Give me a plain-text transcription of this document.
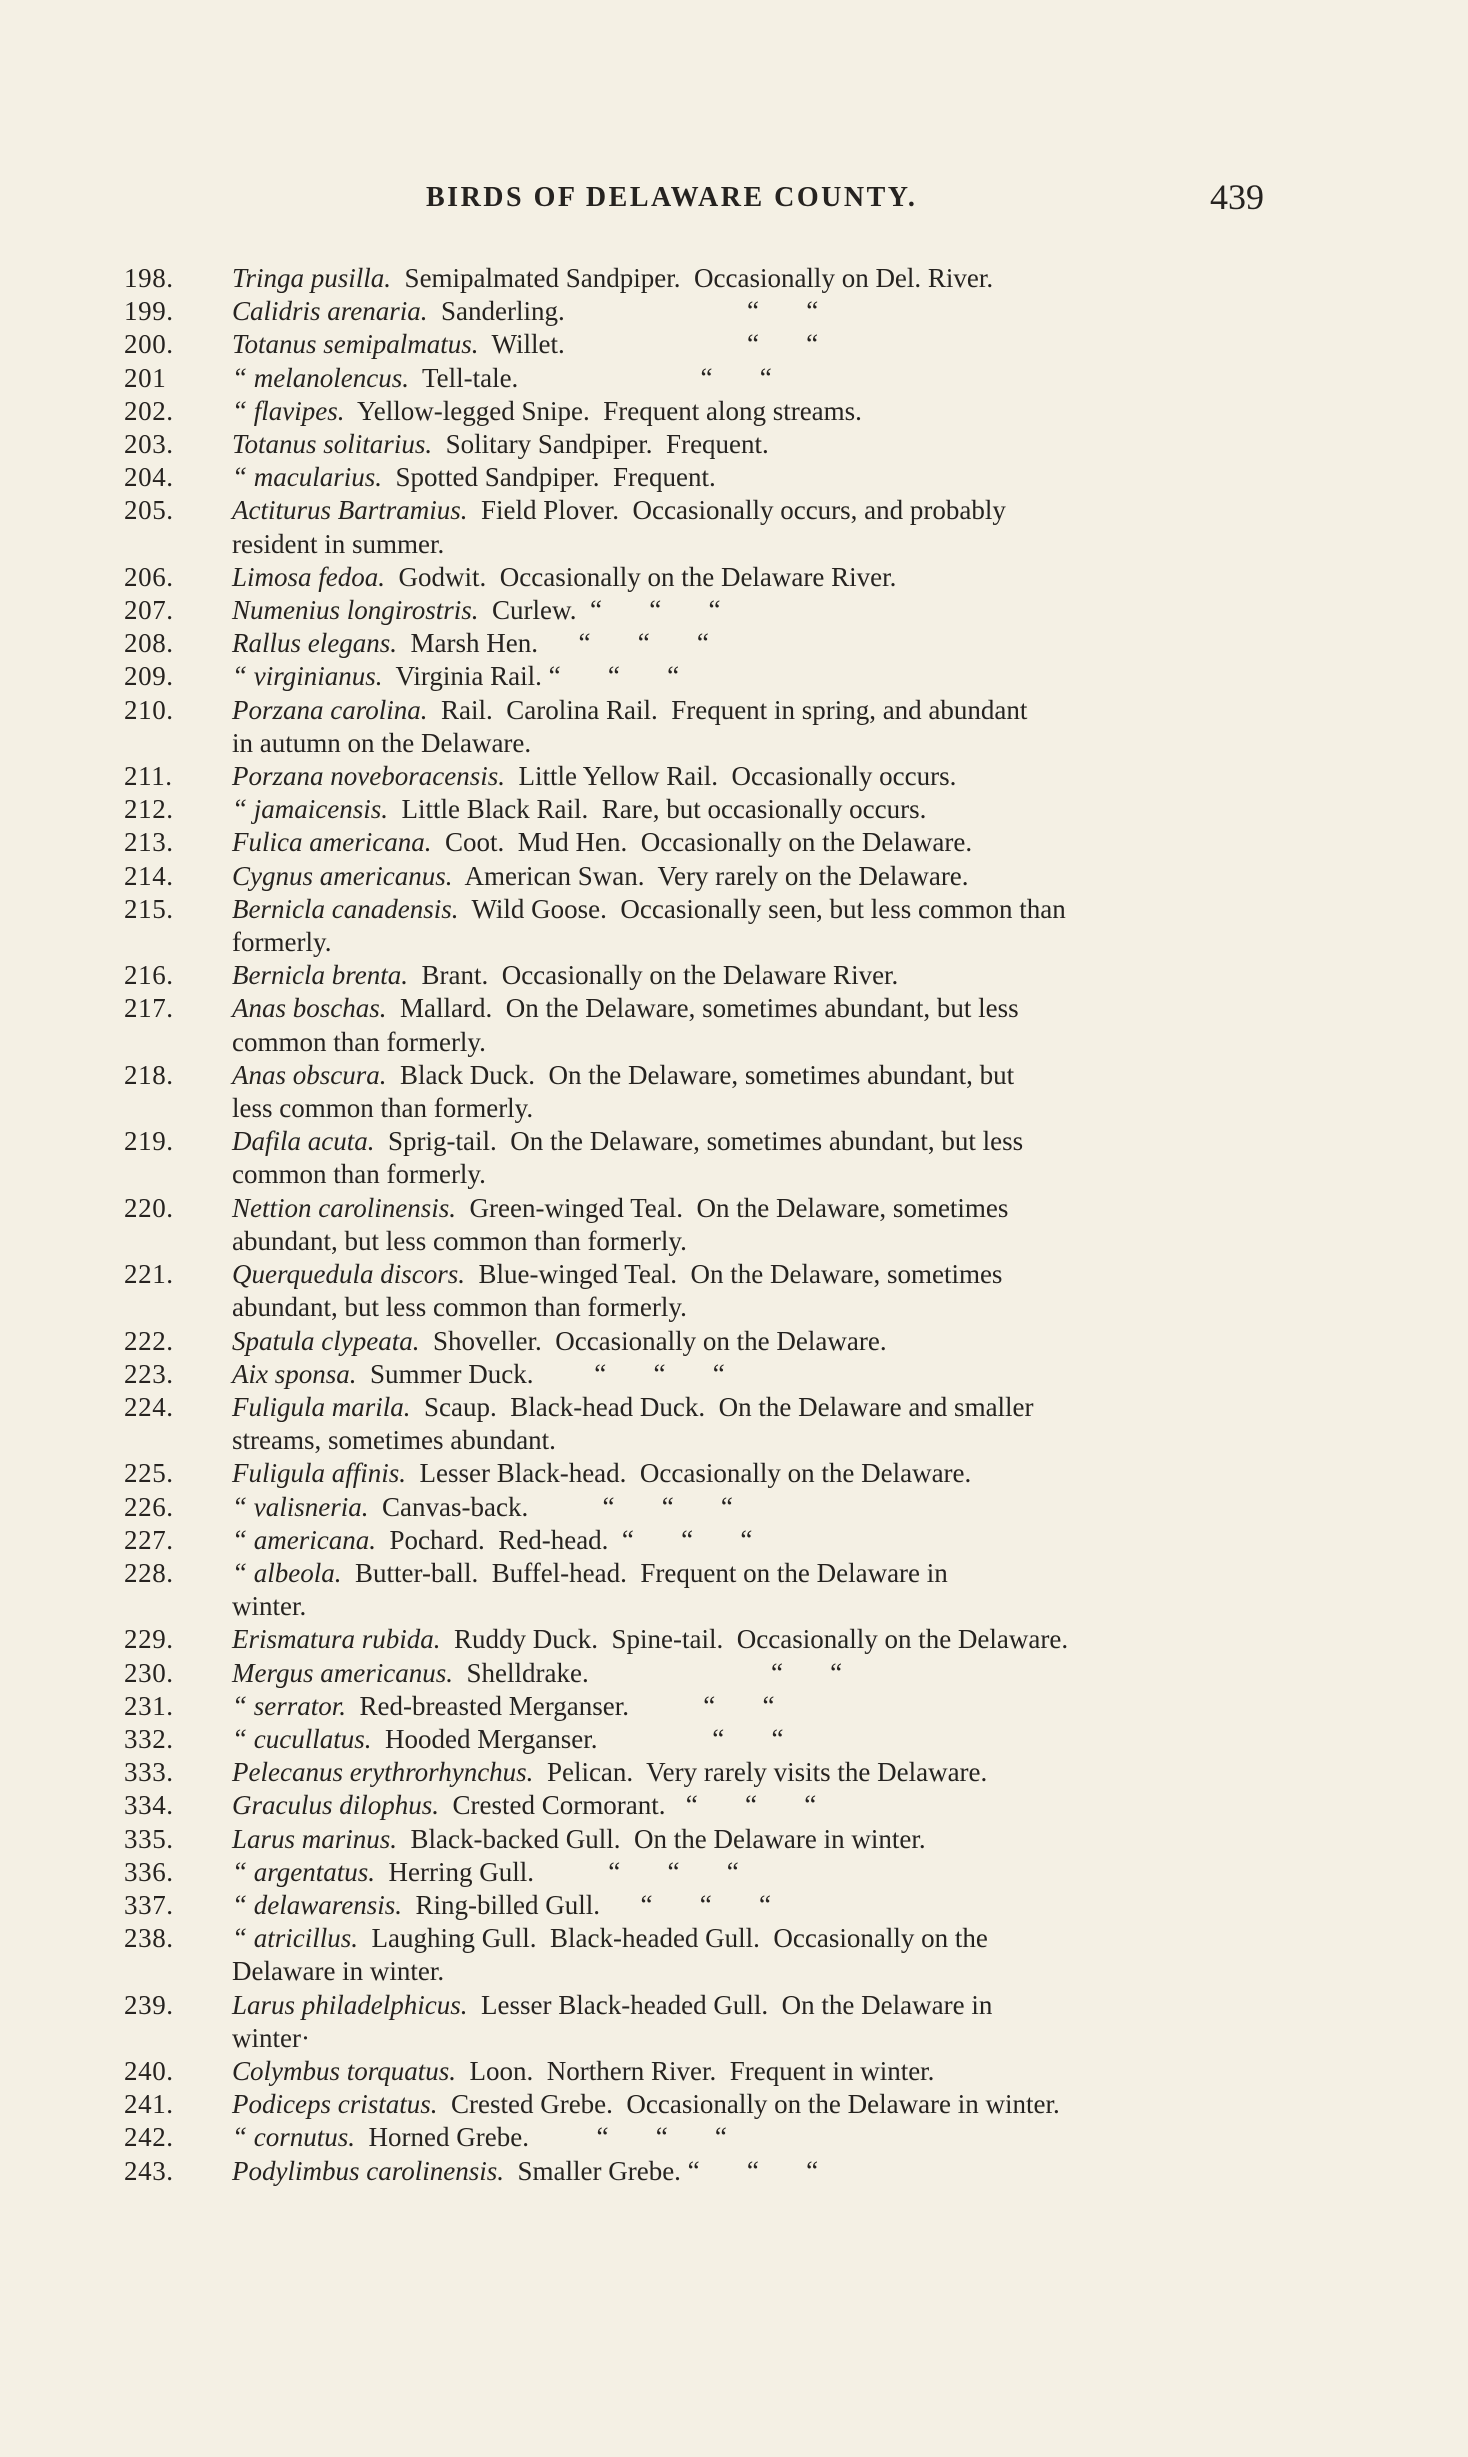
BIRDS OF DELAWARE COUNTY.	439
198. Tringa pusilla.  Semipalmated Sandpiper.  Occasionally on Del. River.
199. Calidris arenaria.  Sanderling.                           “       “
200. Totanus semipalmatus.  Willet.                           “       “
201 “ melanolencus.  Tell-tale.                           “       “
202. “ flavipes.  Yellow-legged Snipe.  Frequent along streams.
203. Totanus solitarius.  Solitary Sandpiper.  Frequent.
204. “ macularius.  Spotted Sandpiper.  Frequent.
205. Actiturus Bartramius.  Field Plover.  Occasionally occurs, and probably
resident in summer.
206. Limosa fedoa.  Godwit.  Occasionally on the Delaware River.
207. Numenius longirostris.  Curlew.  “       “       “
208. Rallus elegans.  Marsh Hen.      “       “       “
209. “ virginianus.  Virginia Rail. “       “       “
210. Porzana carolina.  Rail.  Carolina Rail.  Frequent in spring, and abundant
in autumn on the Delaware.
211. Porzana noveboracensis.  Little Yellow Rail.  Occasionally occurs.
212. “ jamaicensis.  Little Black Rail.  Rare, but occasionally occurs.
213. Fulica americana.  Coot.  Mud Hen.  Occasionally on the Delaware.
214. Cygnus americanus.  American Swan.  Very rarely on the Delaware.
215. Bernicla canadensis.  Wild Goose.  Occasionally seen, but less common than
formerly.
216. Bernicla brenta.  Brant.  Occasionally on the Delaware River.
217. Anas boschas.  Mallard.  On the Delaware, sometimes abundant, but less
common than formerly.
218. Anas obscura.  Black Duck.  On the Delaware, sometimes abundant, but
less common than formerly.
219. Dafila acuta.  Sprig-tail.  On the Delaware, sometimes abundant, but less
common than formerly.
220. Nettion carolinensis.  Green-winged Teal.  On the Delaware, sometimes
abundant, but less common than formerly.
221. Querquedula discors.  Blue-winged Teal.  On the Delaware, sometimes
abundant, but less common than formerly.
222. Spatula clypeata.  Shoveller.  Occasionally on the Delaware.
223. Aix sponsa.  Summer Duck.         “       “       “
224. Fuligula marila.  Scaup.  Black-head Duck.  On the Delaware and smaller
streams, sometimes abundant.
225. Fuligula affinis.  Lesser Black-head.  Occasionally on the Delaware.
226. “ valisneria.  Canvas-back.           “       “       “
227. “ americana.  Pochard.  Red-head.  “       “       “
228. “ albeola.  Butter-ball.  Buffel-head.  Frequent on the Delaware in
winter.
229. Erismatura rubida.  Ruddy Duck.  Spine-tail.  Occasionally on the Delaware.
230. Mergus americanus.  Shelldrake.                           “       “
231. “ serrator.  Red-breasted Merganser.           “       “
332. “ cucullatus.  Hooded Merganser.                 “       “
333. Pelecanus erythrorhynchus.  Pelican.  Very rarely visits the Delaware.
334. Graculus dilophus.  Crested Cormorant.   “       “       “
335. Larus marinus.  Black-backed Gull.  On the Delaware in winter.
336. “ argentatus.  Herring Gull.           “       “       “
337. “ delawarensis.  Ring-billed Gull.      “       “       “
238. “ atricillus.  Laughing Gull.  Black-headed Gull.  Occasionally on the
Delaware in winter.
239. Larus philadelphicus.  Lesser Black-headed Gull.  On the Delaware in
winter·
240. Colymbus torquatus.  Loon.  Northern River.  Frequent in winter.
241. Podiceps cristatus.  Crested Grebe.  Occasionally on the Delaware in winter.
242. “ cornutus.  Horned Grebe.          “       “       “
243. Podylimbus carolinensis.  Smaller Grebe. “       “       “
